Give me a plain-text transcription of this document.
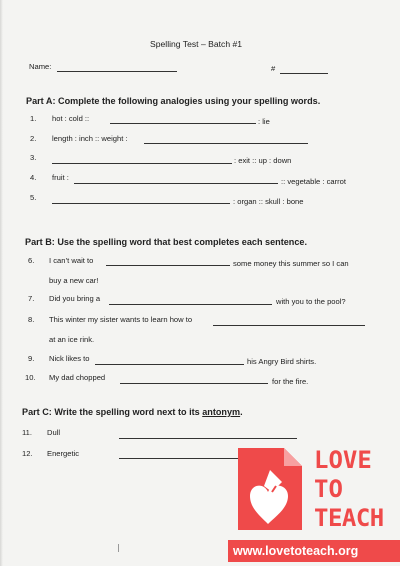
Spelling Test – Batch #1
Name:	#
Part A: Complete the following analogies using your spelling words.
1. hot : cold ::	: lie
2. length : inch :: weight :
3.	: exit :: up : down
4. fruit :	:: vegetable : carrot
5.	: organ :: skull : bone
Part B: Use the spelling word that best completes each sentence.
6. I can’t wait to	some money this summer so I can
buy a new car!
7. Did you bring a	with you to the pool?
8. This winter my sister wants to learn how to
at an ice rink.
9. Nick likes to	his Angry Bird shirts.
10. My dad chopped	for the fire.
Part C: Write the spelling word next to its antonym.
11. Dull
12. Energetic	LOVE
TO
TEACH
www.lovetoteach.org
